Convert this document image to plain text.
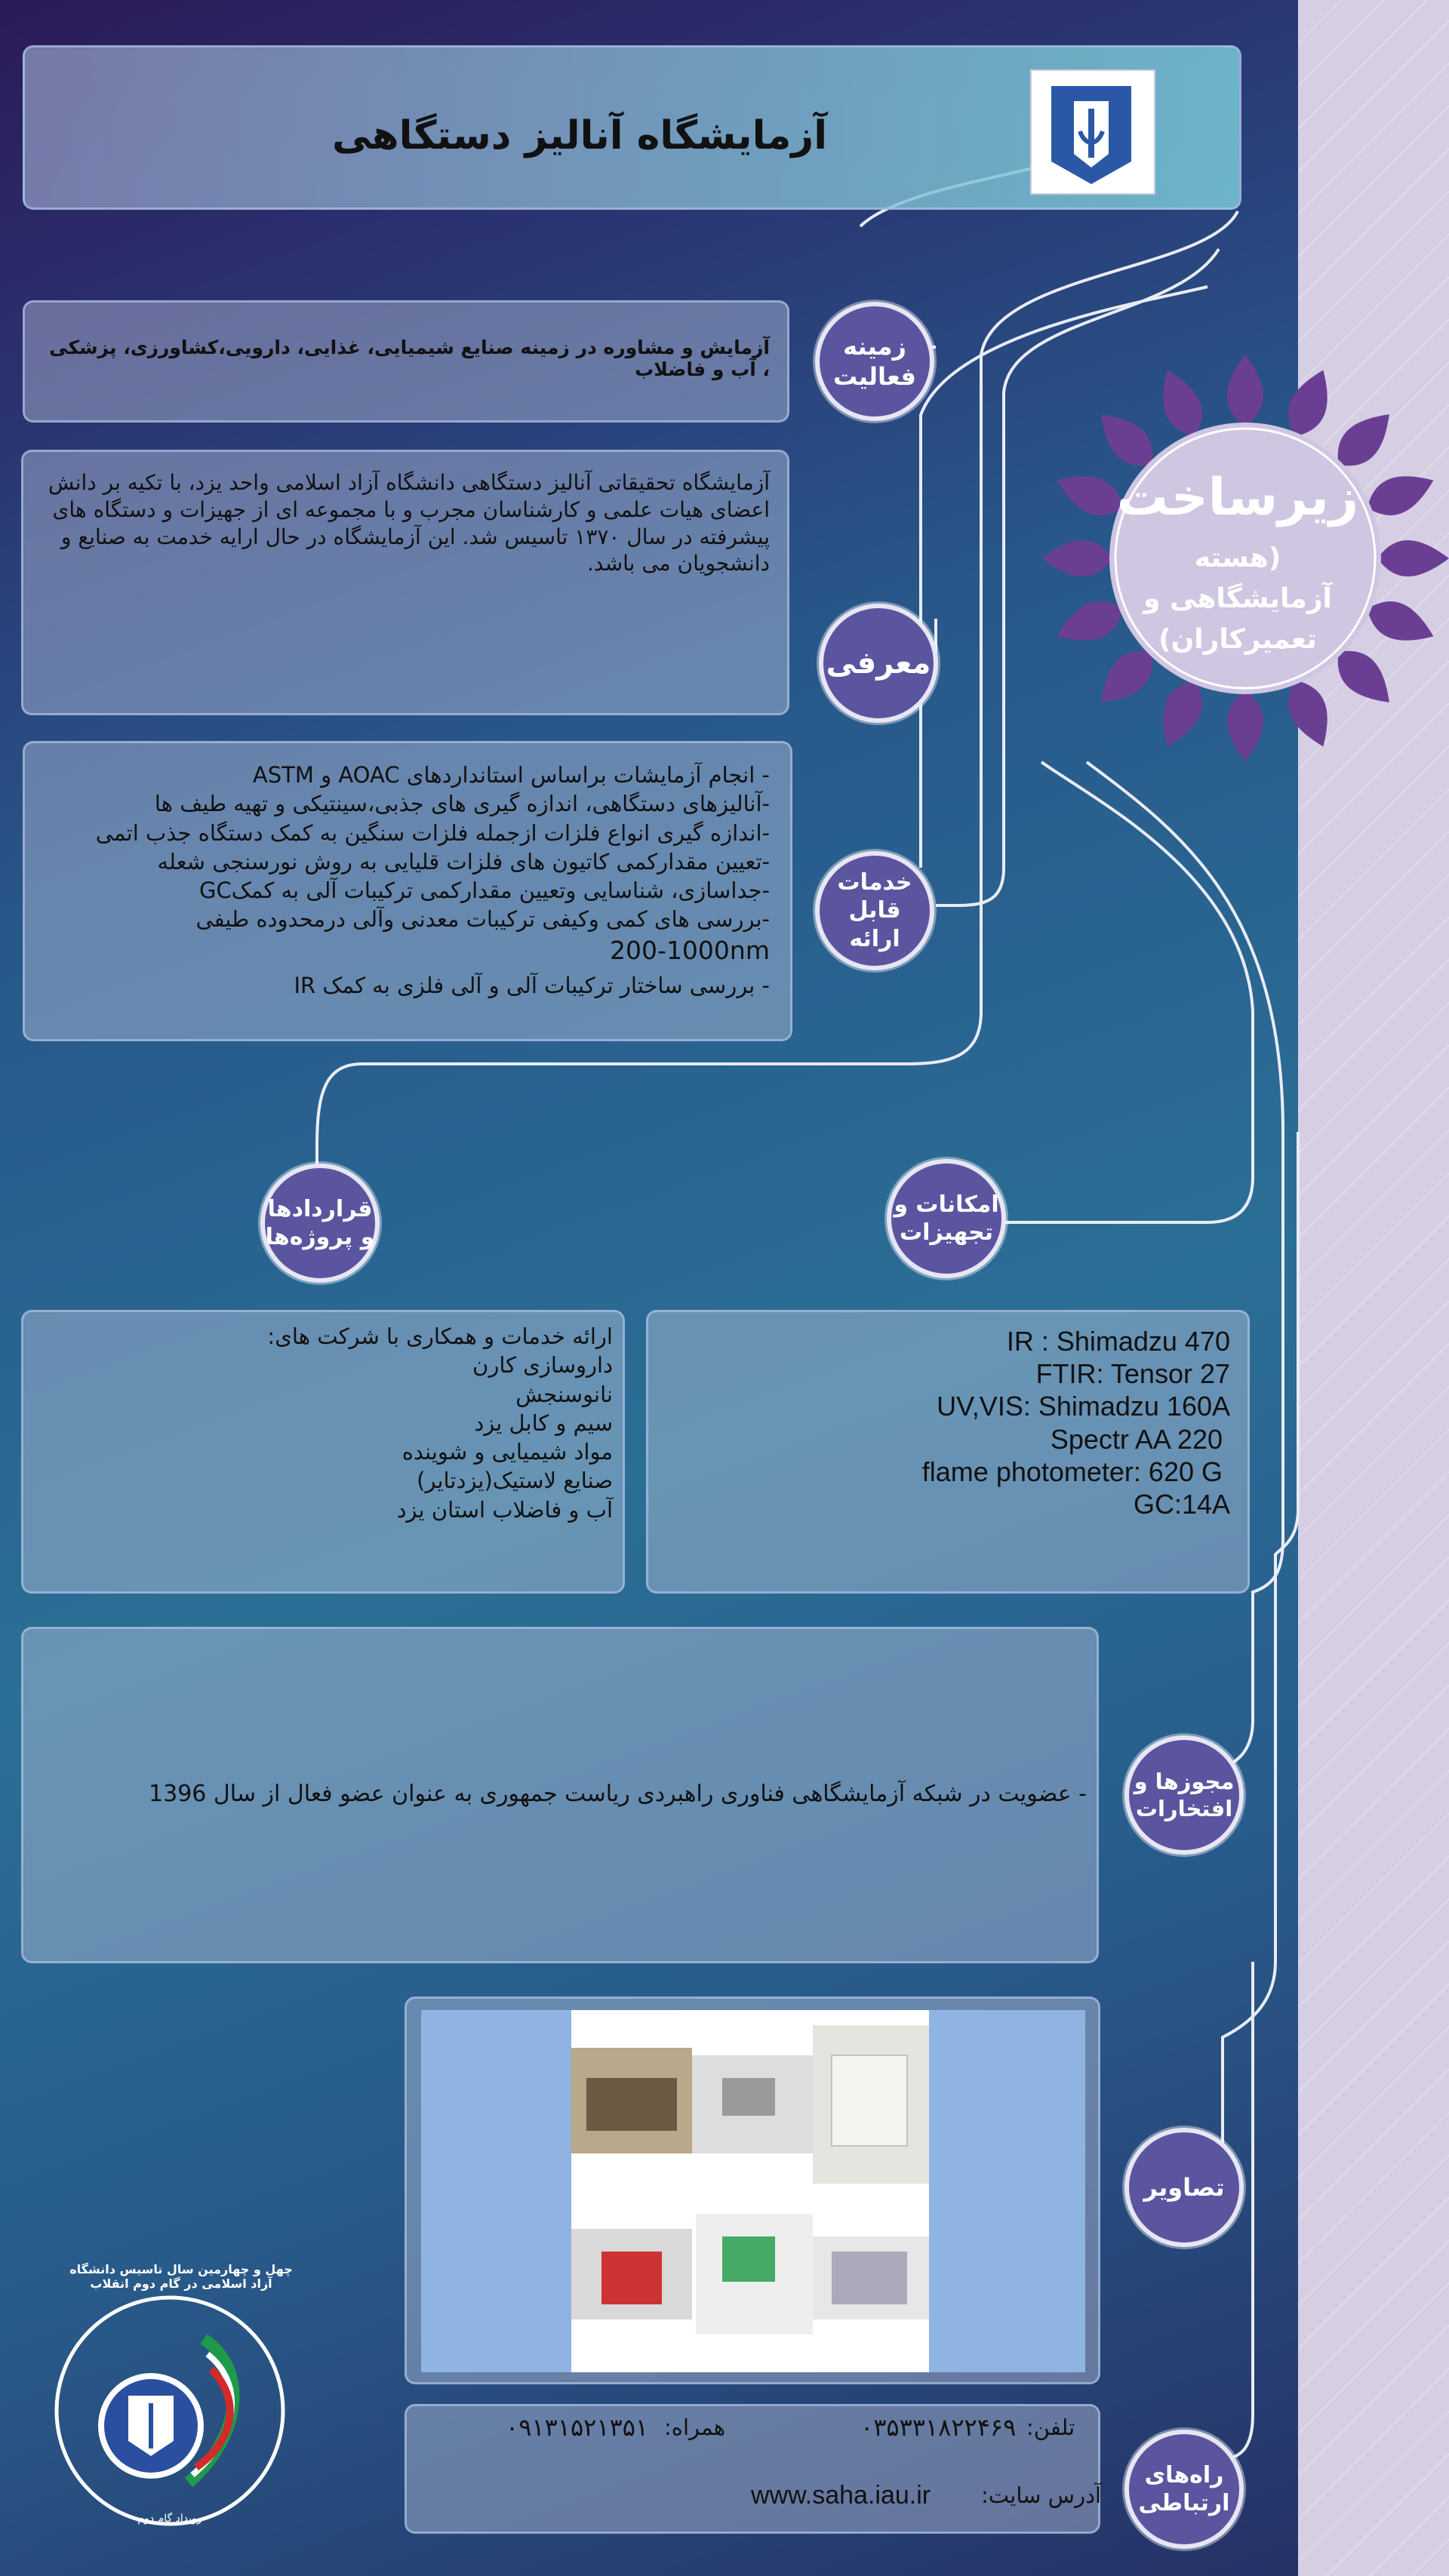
آزمایشگاه آنالیز دستگاهی
زیرساخت
(هسته آزمایشگاهی و تعمیرکاران)
آزمایش و مشاوره در زمینه صنایع شیمیایی، غذایی، دارویی،کشاورزی، پزشکی ، آب و فاضلاب
زمینه فعالیت
آزمایشگاه تحقیقاتی آنالیز دستگاهی دانشگاه آزاد اسلامی واحد یزد، با تکیه بر دانش اعضای هیات علمی و کارشناسان مجرب و با مجموعه ای از جهیزات و دستگاه های پیشرفته در سال ۱۳۷۰ تاسیس شد. این آزمایشگاه در حال ارایه خدمت به صنایع و دانشجویان می باشد.
معرفی
- انجام آزمایشات براساس استانداردهای AOAC و ASTM
-آنالیزهای دستگاهی، اندازه گیری های جذبی،سینتیکی و تهیه طیف ها
-اندازه گیری انواع فلزات ازجمله فلزات سنگین به کمک دستگاه جذب اتمی
-تعیین مقدارکمی کاتیون های فلزات قلیایی به روش نورسنجی شعله
-جداسازی، شناسایی وتعیین مقدارکمی ترکیبات آلی به کمکGC
-بررسی های کمی وکیفی ترکیبات معدنی وآلی درمحدوده طیفی
200-1000nm
- بررسی ساختار ترکیبات آلی و آلی فلزی به کمک IR
خدمات قابل ارائه
قراردادها و پروژه‌ها
امکانات و تجهیزات
ارائه خدمات و همکاری با شرکت های:
داروسازی کارن
نانوسنجش
سیم و کابل یزد
مواد شیمیایی و شوینده
صنایع لاستیک(یزدتایر)
آب و فاضلاب استان یزد
IR : Shimadzu 470
FTIR: Tensor 27
UV,VIS: Shimadzu 160A
Spectr AA 220
flame photometer: 620 G
GC:14A
- عضویت در شبکه آزمایشگاهی فناوری راهبردی ریاست جمهوری به عنوان عضو فعال از سال 1396 مجوزها و افتخارات
تصاویر
تلفن:
۰۳۵۳۳۱۸۲۲۴۶۹
همراه:
۰۹۱۳۱۵۲۱۳۵۱
آدرس سایت:
www.saha.iau.ir
راه‌های ارتباطی
چهل و چهارمین سال تاسیس دانشگاه آزاد اسلامی در گام دوم انقلاب
رویداد گام دوم
